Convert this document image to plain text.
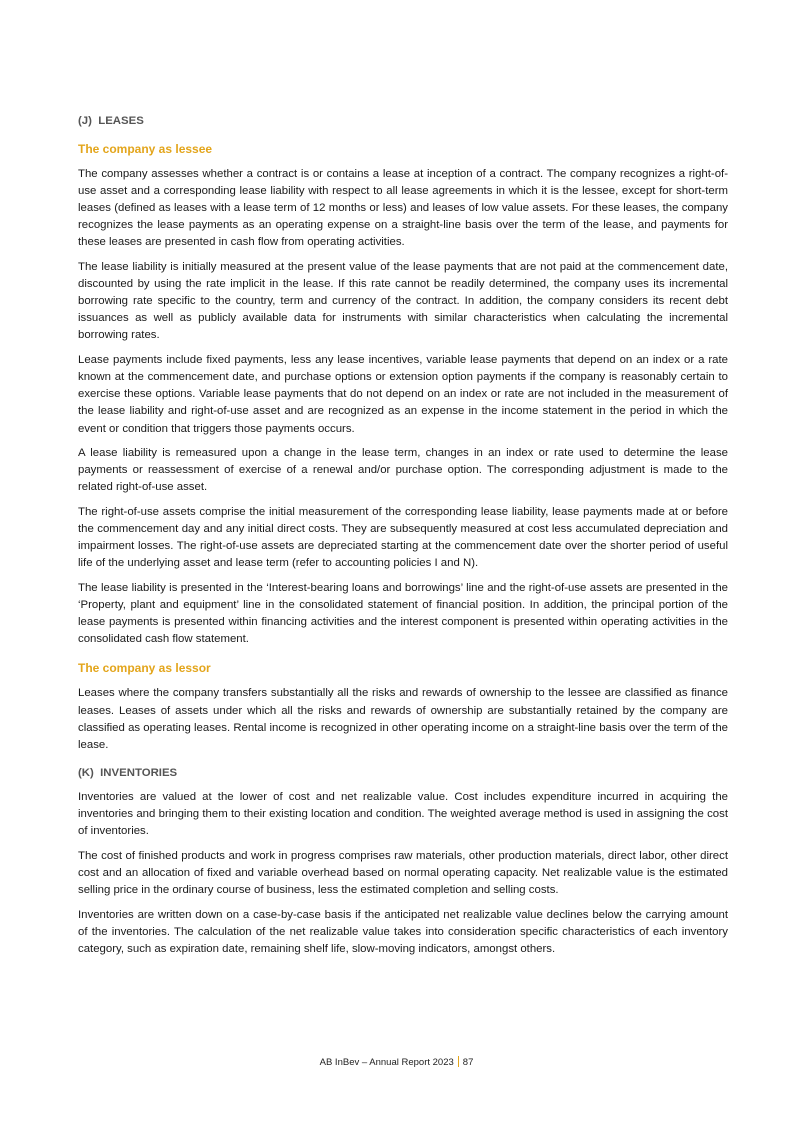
(J)  LEASES
The company as lessee

The company assesses whether a contract is or contains a lease at inception of a contract. The company recognizes a right-of-use asset and a corresponding lease liability with respect to all lease agreements in which it is the lessee, except for short-term leases (defined as leases with a lease term of 12 months or less) and leases of low value assets. For these leases, the company recognizes the lease payments as an operating expense on a straight-line basis over the term of the lease, and payments for these leases are presented in cash flow from operating activities.

The lease liability is initially measured at the present value of the lease payments that are not paid at the commencement date, discounted by using the rate implicit in the lease. If this rate cannot be readily determined, the company uses its incremental borrowing rate specific to the country, term and currency of the contract. In addition, the company considers its recent debt issuances as well as publicly available data for instruments with similar characteristics when calculating the incremental borrowing rates.

Lease payments include fixed payments, less any lease incentives, variable lease payments that depend on an index or a rate known at the commencement date, and purchase options or extension option payments if the company is reasonably certain to exercise these options. Variable lease payments that do not depend on an index or rate are not included in the measurement of the lease liability and right-of-use asset and are recognized as an expense in the income statement in the period in which the event or condition that triggers those payments occurs.

A lease liability is remeasured upon a change in the lease term, changes in an index or rate used to determine the lease payments or reassessment of exercise of a renewal and/or purchase option. The corresponding adjustment is made to the related right-of-use asset.

The right-of-use assets comprise the initial measurement of the corresponding lease liability, lease payments made at or before the commencement day and any initial direct costs. They are subsequently measured at cost less accumulated depreciation and impairment losses. The right-of-use assets are depreciated starting at the commencement date over the shorter period of useful life of the underlying asset and lease term (refer to accounting policies I and N).

The lease liability is presented in the ‘Interest-bearing loans and borrowings’ line and the right-of-use assets are presented in the ‘Property, plant and equipment’ line in the consolidated statement of financial position. In addition, the principal portion of the lease payments is presented within financing activities and the interest component is presented within operating activities in the consolidated cash flow statement.

The company as lessor

Leases where the company transfers substantially all the risks and rewards of ownership to the lessee are classified as finance leases. Leases of assets under which all the risks and rewards of ownership are substantially retained by the company are classified as operating leases. Rental income is recognized in other operating income on a straight-line basis over the term of the lease.

(K)  INVENTORIES

Inventories are valued at the lower of cost and net realizable value. Cost includes expenditure incurred in acquiring the inventories and bringing them to their existing location and condition. The weighted average method is used in assigning the cost of inventories.

The cost of finished products and work in progress comprises raw materials, other production materials, direct labor, other direct cost and an allocation of fixed and variable overhead based on normal operating capacity. Net realizable value is the estimated selling price in the ordinary course of business, less the estimated completion and selling costs.

Inventories are written down on a case-by-case basis if the anticipated net realizable value declines below the carrying amount of the inventories. The calculation of the net realizable value takes into consideration specific characteristics of each inventory category, such as expiration date, remaining shelf life, slow-moving indicators, amongst others.

AB InBev – Annual Report 2023 87
